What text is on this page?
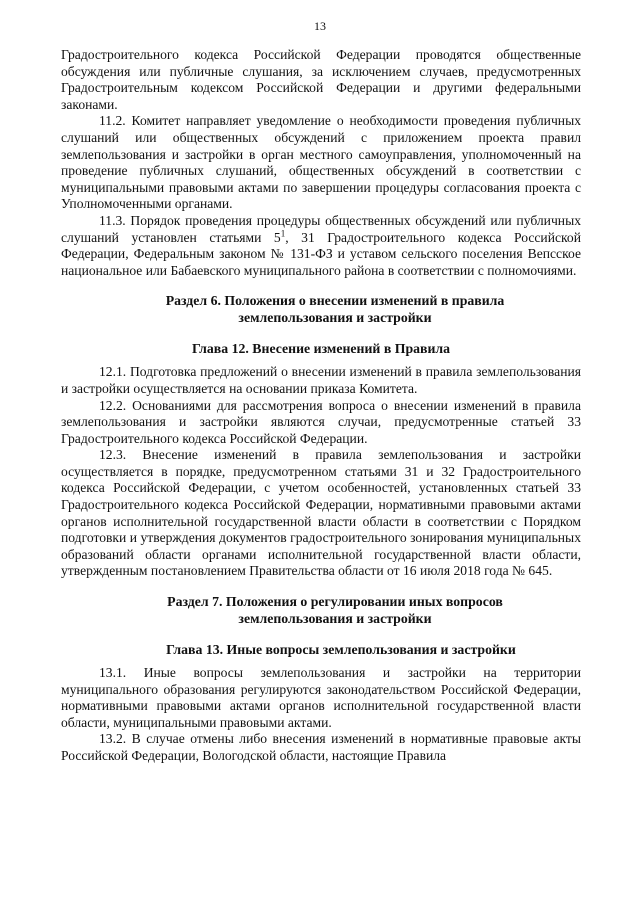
13

Градостроительного кодекса Российской Федерации проводятся общественные обсуждения или публичные слушания, за исключением случаев, предусмотренных Градостроительным кодексом Российской Федерации и другими федеральными законами.

11.2. Комитет направляет уведомление о необходимости проведения публичных слушаний или общественных обсуждений с приложением проекта правил землепользования и застройки в орган местного самоуправления, уполномоченный на проведение публичных слушаний, общественных обсуждений в соответствии с муниципальными правовыми актами по завершении процедуры согласования проекта с Уполномоченными органами.

11.3. Порядок проведения процедуры общественных обсуждений или публичных слушаний установлен статьями $5^1$, 31 Градостроительного кодекса Российской Федерации, Федеральным законом № 131-ФЗ и уставом сельского поселения Вепсское национальное или Бабаевского муниципального района в соответствии с полномочиями.

Раздел 6. Положения о внесении изменений в правила
землепользования и застройки
Глава 12. Внесение изменений в Правила

12.1. Подготовка предложений о внесении изменений в правила землепользования и застройки осуществляется на основании приказа Комитета.

12.2. Основаниями для рассмотрения вопроса о внесении изменений в правила землепользования и застройки являются случаи, предусмотренные статьей 33 Градостроительного кодекса Российской Федерации.

12.3. Внесение изменений в правила землепользования и застройки осуществляется в порядке, предусмотренном статьями 31 и 32 Градостроительного кодекса Российской Федерации, с учетом особенностей, установленных статьей 33 Градостроительного кодекса Российской Федерации, нормативными правовыми актами органов исполнительной государственной власти области в соответствии с Порядком подготовки и утверждения документов градостроительного зонирования муниципальных образований области органами исполнительной государственной власти области, утвержденным постановлением Правительства области от 16 июля 2018 года № 645.

Раздел 7. Положения о регулировании иных вопросов
землепользования и застройки
Глава 13. Иные вопросы землепользования и застройки

13.1. Иные вопросы землепользования и застройки на территории муниципального образования регулируются законодательством Российской Федерации, нормативными правовыми актами органов исполнительной государственной власти области, муниципальными правовыми актами.

13.2. В случае отмены либо внесения изменений в нормативные правовые акты Российской Федерации, Вологодской области, настоящие Правила
